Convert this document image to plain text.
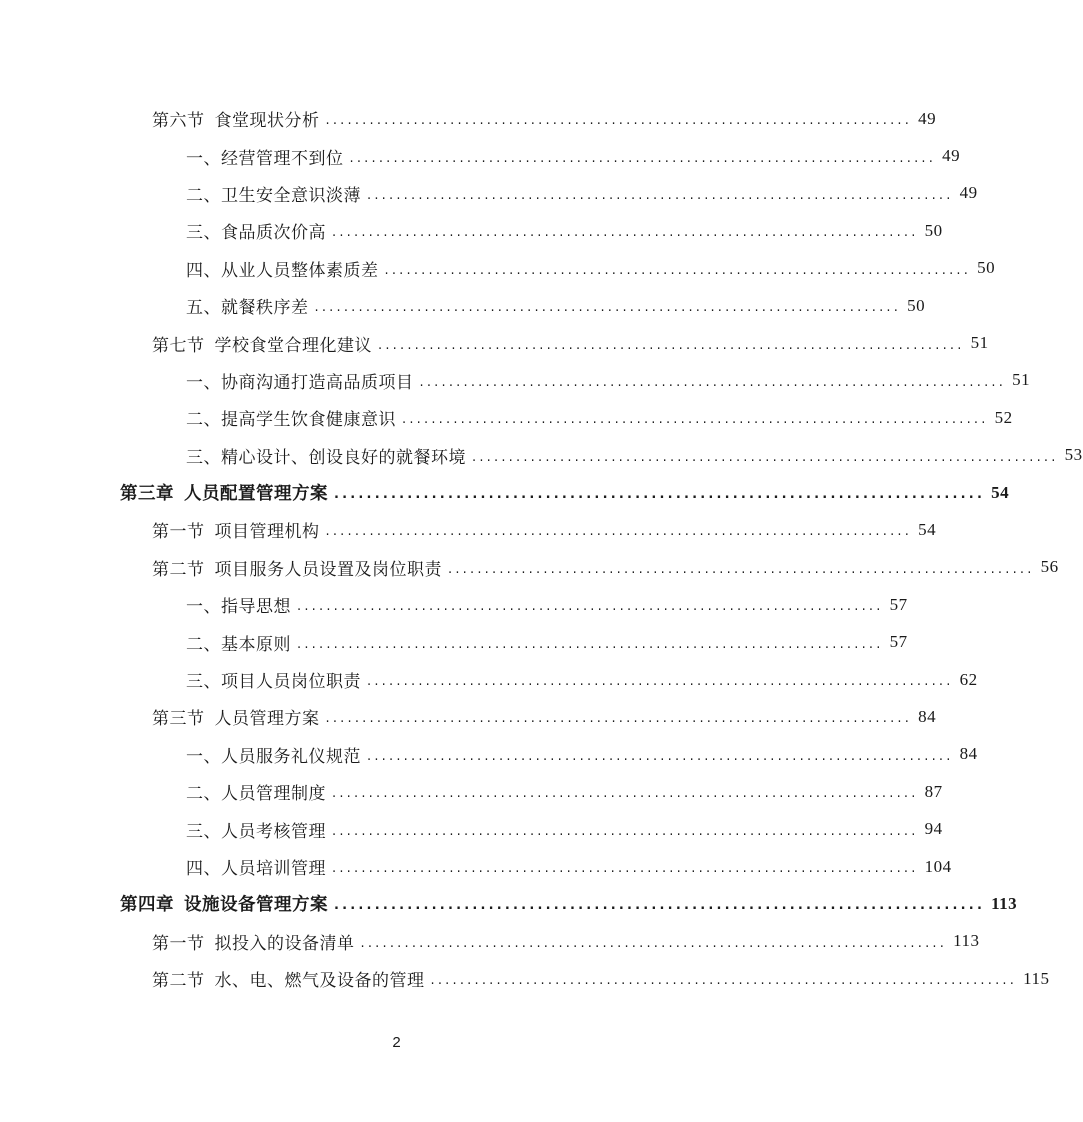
第六节 食堂现状分析 ................................................................................ 49
一、经营管理不到位 ................................................................................ 49
二、卫生安全意识淡薄 ................................................................................ 49
三、食品质次价高 ................................................................................ 50
四、从业人员整体素质差 ................................................................................ 50
五、就餐秩序差 ................................................................................ 50
第七节 学校食堂合理化建议 ................................................................................ 51
一、协商沟通打造高品质项目 ................................................................................ 51
二、提高学生饮食健康意识 ................................................................................ 52
三、精心设计、创设良好的就餐环境 ................................................................................ 53
第三章 人员配置管理方案 ................................................................................ 54
第一节 项目管理机构 ................................................................................ 54
第二节 项目服务人员设置及岗位职责 ................................................................................ 56
一、指导思想 ................................................................................ 57
二、基本原则 ................................................................................ 57
三、项目人员岗位职责 ................................................................................ 62
第三节 人员管理方案 ................................................................................ 84
一、人员服务礼仪规范 ................................................................................ 84
二、人员管理制度 ................................................................................ 87
三、人员考核管理 ................................................................................ 94
四、人员培训管理 ................................................................................ 104
第四章 设施设备管理方案 ................................................................................ 113
第一节 拟投入的设备清单 ................................................................................ 113
第二节 水、电、燃气及设备的管理 ................................................................................ 115
2
